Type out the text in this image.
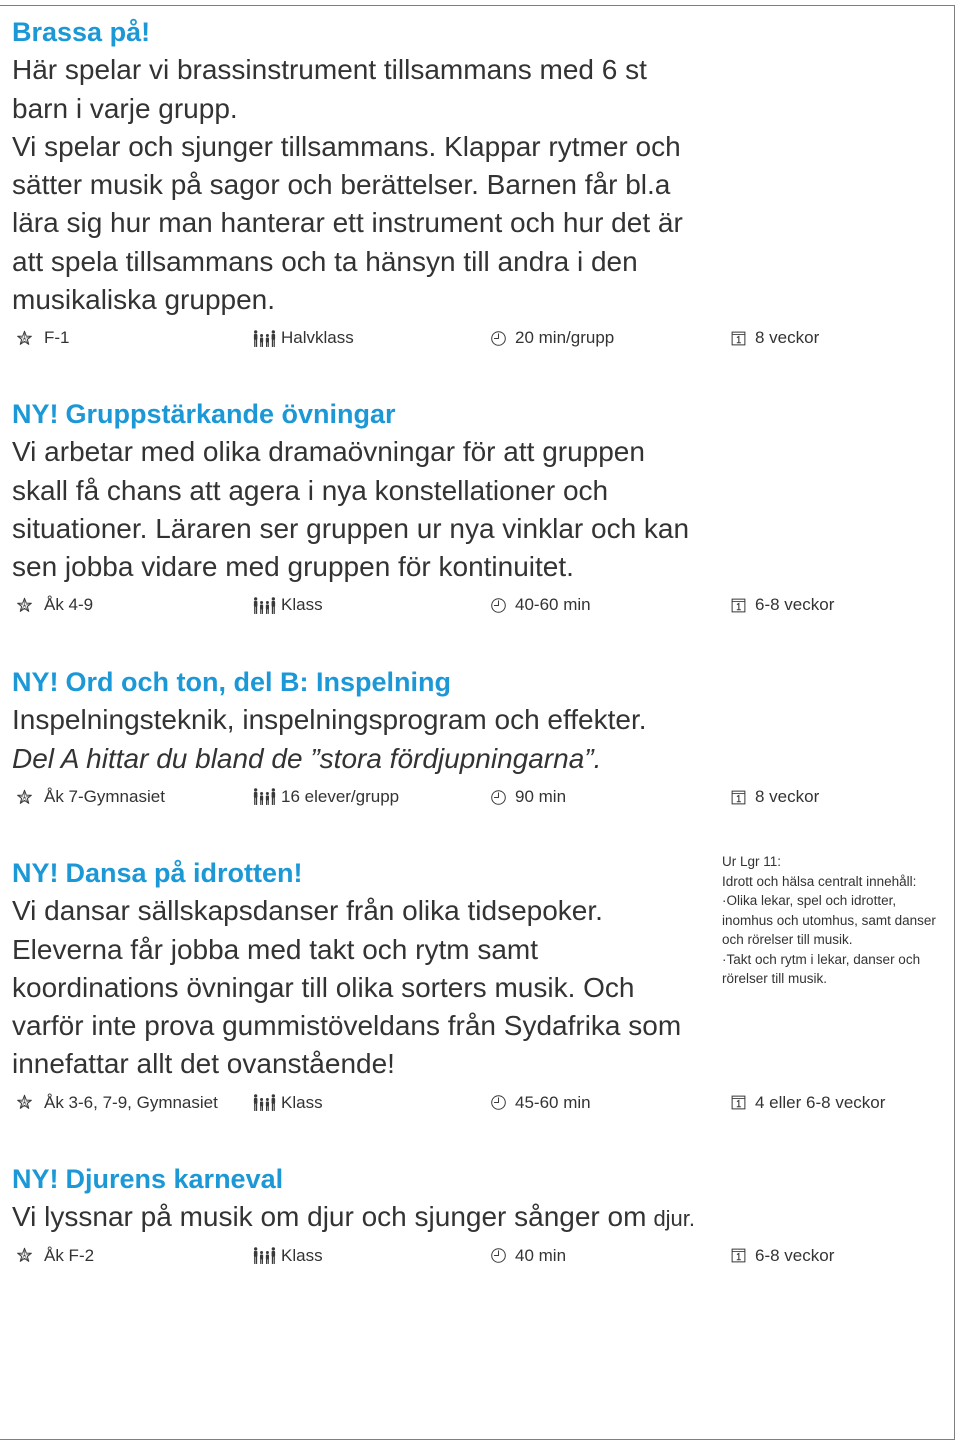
Brassa på!
Här spelar vi brassinstrument tillsammans med 6 st
barn i varje grupp.
Vi spelar och sjunger tillsammans. Klappar rytmer och
sätter musik på sagor och berättelser. Barnen får bl.a
lära sig hur man hanterar ett instrument och hur det är
att spela tillsammans och ta hänsyn till andra i den
musikaliska gruppen.
F-1	Halvklass	20 min/grupp	8 veckor
NY! Gruppstärkande övningar
Vi arbetar med olika dramaövningar för att gruppen
skall få chans att agera i nya konstellationer och
situationer. Läraren ser gruppen ur nya vinklar och kan
sen jobba vidare med gruppen för kontinuitet.
Åk 4-9	Klass	40-60 min	6-8 veckor
NY! Ord och ton, del B: Inspelning
Inspelningsteknik, inspelningsprogram och effekter.
Del A hittar du bland de ”stora fördjupningarna”.
Åk 7-Gymnasiet	16 elever/grupp	90 min	8 veckor
NY! Dansa på idrotten!
Vi dansar sällskapsdanser från olika tidsepoker.
Eleverna får jobba med takt och rytm samt
koordinations övningar till olika sorters musik. Och
varför inte prova gummistöveldans från Sydafrika som
innefattar allt det ovanstående!
Åk 3-6, 7-9, Gymnasiet	Klass	45-60 min	4 eller 6-8 veckor
Ur Lgr 11:
Idrott och hälsa centralt innehåll:
·Olika lekar, spel och idrotter,
inomhus och utomhus, samt danser
och rörelser till musik.
·Takt och rytm i lekar, danser och
rörelser till musik.
NY! Djurens karneval
Vi lyssnar på musik om djur och sjunger sånger om djur.
Åk F-2	Klass	40 min	6-8 veckor
